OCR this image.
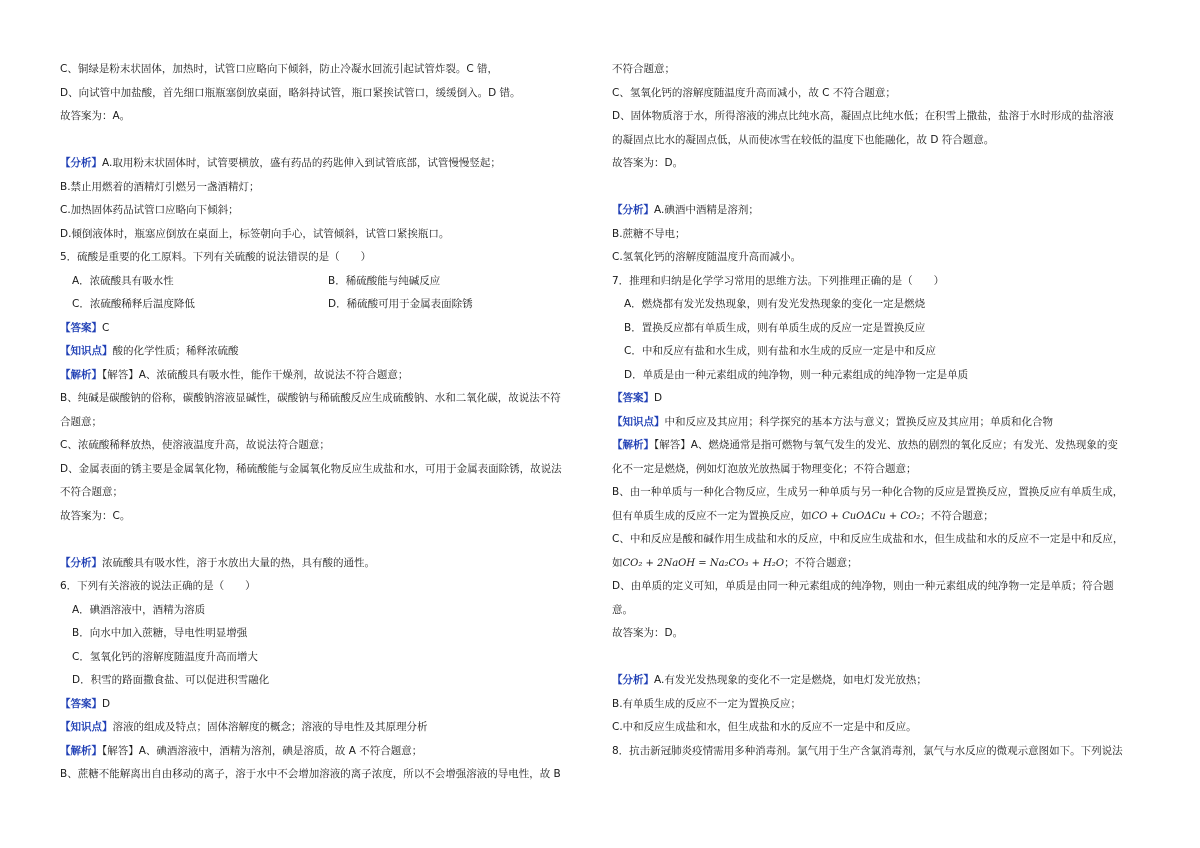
C、铜绿是粉末状固体，加热时，试管口应略向下倾斜，防止冷凝水回流引起试管炸裂。C 错，
D、向试管中加盐酸，首先细口瓶瓶塞倒放桌面，略斜持试管，瓶口紧挨试管口，缓缓倒入。D 错。
故答案为：A。
【分析】A.取用粉末状固体时，试管要横放，盛有药品的药匙伸入到试管底部，试管慢慢竖起；
B.禁止用燃着的酒精灯引燃另一盏酒精灯；
C.加热固体药品试管口应略向下倾斜；
D.倾倒液体时，瓶塞应倒放在桌面上，标签朝向手心，试管倾斜，试管口紧挨瓶口。
5．硫酸是重要的化工原料。下列有关硫酸的说法错误的是（　　）
A．浓硫酸具有吸水性	B．稀硫酸能与纯碱反应
C．浓硫酸稀释后温度降低	D．稀硫酸可用于金属表面除锈
【答案】C
【知识点】酸的化学性质；稀释浓硫酸
【解析】【解答】A、浓硫酸具有吸水性，能作干燥剂，故说法不符合题意；
B、纯碱是碳酸钠的俗称，碳酸钠溶液显碱性，碳酸钠与稀硫酸反应生成硫酸钠、水和二氧化碳，故说法不符
合题意；
C、浓硫酸稀释放热，使溶液温度升高，故说法符合题意；
D、金属表面的锈主要是金属氧化物，稀硫酸能与金属氧化物反应生成盐和水，可用于金属表面除锈，故说法
不符合题意；
故答案为：C。
【分析】浓硫酸具有吸水性，溶于水放出大量的热，具有酸的通性。
6．下列有关溶液的说法正确的是（　　）
A．碘酒溶液中，酒精为溶质
B．向水中加入蔗糖，导电性明显增强
C．氢氧化钙的溶解度随温度升高而增大
D．积雪的路面撒食盐、可以促进积雪融化
【答案】D
【知识点】溶液的组成及特点；固体溶解度的概念；溶液的导电性及其原理分析
【解析】【解答】A、碘酒溶液中，酒精为溶剂，碘是溶质，故 A 不符合题意；
B、蔗糖不能解离出自由移动的离子，溶于水中不会增加溶液的离子浓度，所以不会增强溶液的导电性，故 B
不符合题意；
C、氢氧化钙的溶解度随温度升高而减小，故 C 不符合题意；
D、固体物质溶于水，所得溶液的沸点比纯水高，凝固点比纯水低；在积雪上撒盐，盐溶于水时形成的盐溶液
的凝固点比水的凝固点低，从而使冰雪在较低的温度下也能融化，故 D 符合题意。
故答案为：D。
【分析】A.碘酒中酒精是溶剂；
B.蔗糖不导电；
C.氢氧化钙的溶解度随温度升高而减小。
7．推理和归纳是化学学习常用的思维方法。下列推理正确的是（　　）
A．燃烧都有发光发热现象，则有发光发热现象的变化一定是燃烧
B．置换反应都有单质生成，则有单质生成的反应一定是置换反应
C．中和反应有盐和水生成，则有盐和水生成的反应一定是中和反应
D．单质是由一种元素组成的纯净物，则一种元素组成的纯净物一定是单质
【答案】D
【知识点】中和反应及其应用；科学探究的基本方法与意义；置换反应及其应用；单质和化合物
【解析】【解答】A、燃烧通常是指可燃物与氧气发生的发光、放热的剧烈的氧化反应；有发光、发热现象的变
化不一定是燃烧，例如灯泡放光放热属于物理变化；不符合题意；
B、由一种单质与一种化合物反应，生成另一种单质与另一种化合物的反应是置换反应，置换反应有单质生成，
但有单质生成的反应不一定为置换反应，如CO + CuOΔCu + CO₂；不符合题意；
C、中和反应是酸和碱作用生成盐和水的反应，中和反应生成盐和水，但生成盐和水的反应不一定是中和反应，
如CO₂ + 2NaOH = Na₂CO₃ + H₂O；不符合题意；
D、由单质的定义可知，单质是由同一种元素组成的纯净物，则由一种元素组成的纯净物一定是单质；符合题
意。
故答案为：D。
【分析】A.有发光发热现象的变化不一定是燃烧，如电灯发光放热；
B.有单质生成的反应不一定为置换反应；
C.中和反应生成盐和水，但生成盐和水的反应不一定是中和反应。
8．抗击新冠肺炎疫情需用多种消毒剂。氯气用于生产含氯消毒剂，氯气与水反应的微观示意图如下。下列说法
